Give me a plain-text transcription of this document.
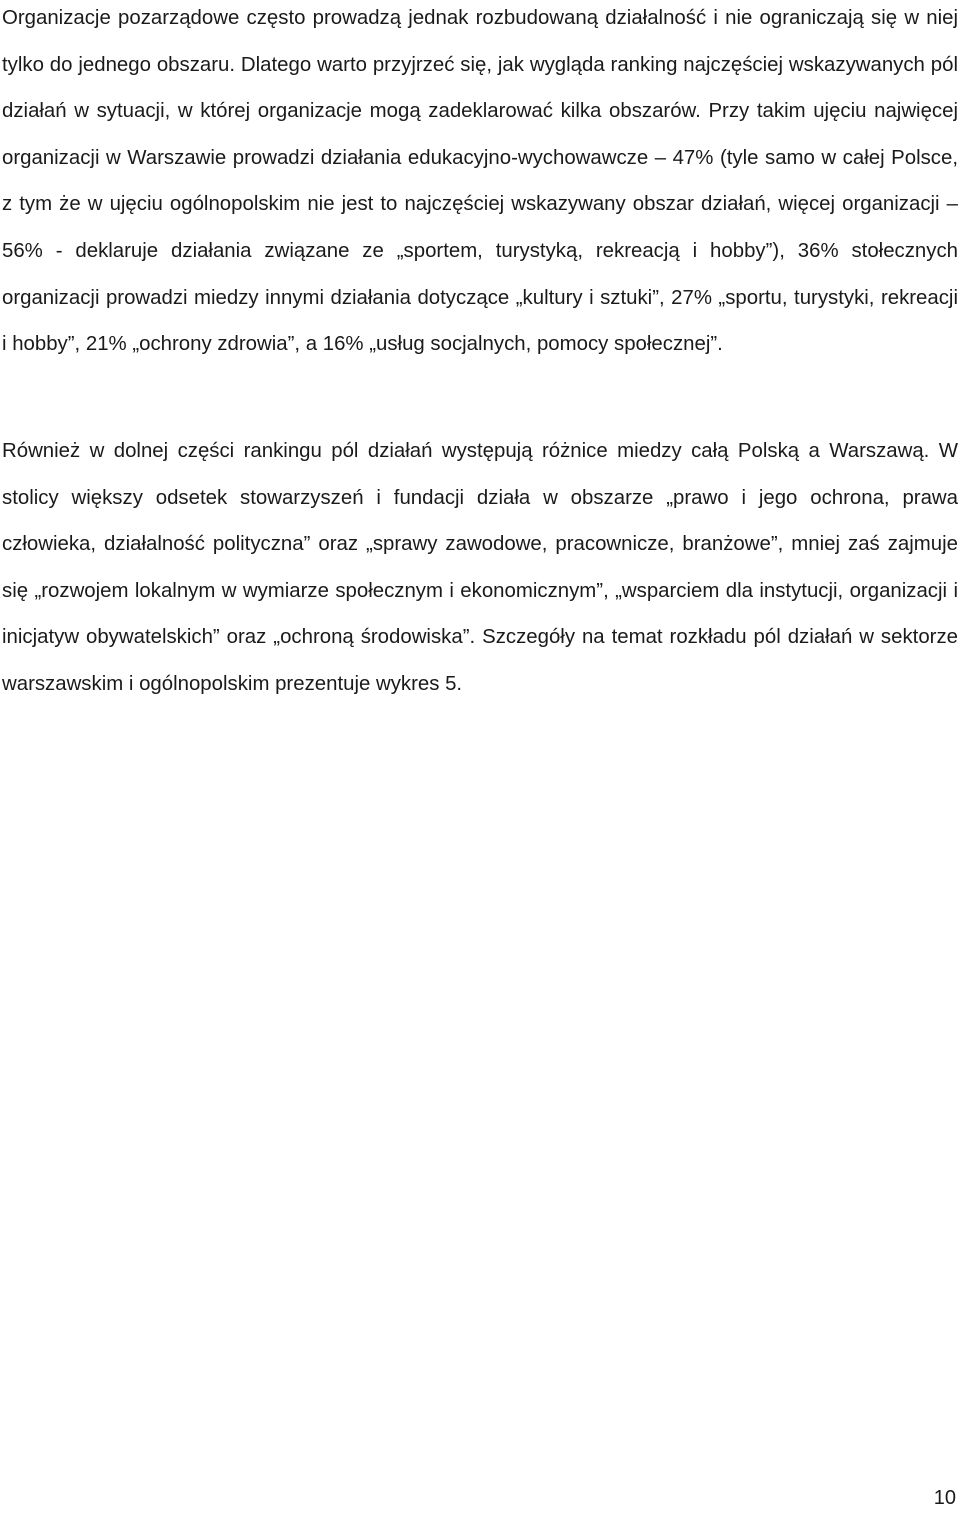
Organizacje pozarządowe często prowadzą jednak rozbudowaną działalność i nie ograniczają się w niej tylko do jednego obszaru. Dlatego warto przyjrzeć się, jak wygląda ranking najczęściej wskazywanych pól działań w sytuacji, w której organizacje mogą zadeklarować kilka obszarów. Przy takim ujęciu najwięcej organizacji w Warszawie prowadzi działania edukacyjno-wychowawcze – 47% (tyle samo w całej Polsce, z tym że w ujęciu ogólnopolskim nie jest to najczęściej wskazywany obszar działań, więcej organizacji – 56% - deklaruje działania związane ze „sportem, turystyką, rekreacją i hobby”), 36% stołecznych organizacji prowadzi miedzy innymi działania dotyczące „kultury i sztuki”, 27% „sportu, turystyki, rekreacji i hobby”, 21% „ochrony zdrowia”, a 16% „usług socjalnych, pomocy społecznej”.

Również w dolnej części rankingu pól działań występują różnice miedzy całą Polską a Warszawą. W stolicy większy odsetek stowarzyszeń i fundacji działa w obszarze „prawo i jego ochrona, prawa człowieka, działalność polityczna” oraz „sprawy zawodowe, pracownicze, branżowe”, mniej zaś zajmuje się „rozwojem lokalnym w wymiarze społecznym i ekonomicznym”, „wsparciem dla instytucji, organizacji i inicjatyw obywatelskich” oraz „ochroną środowiska”. Szczegóły na temat rozkładu pól działań w sektorze warszawskim i ogólnopolskim prezentuje wykres 5.

10
